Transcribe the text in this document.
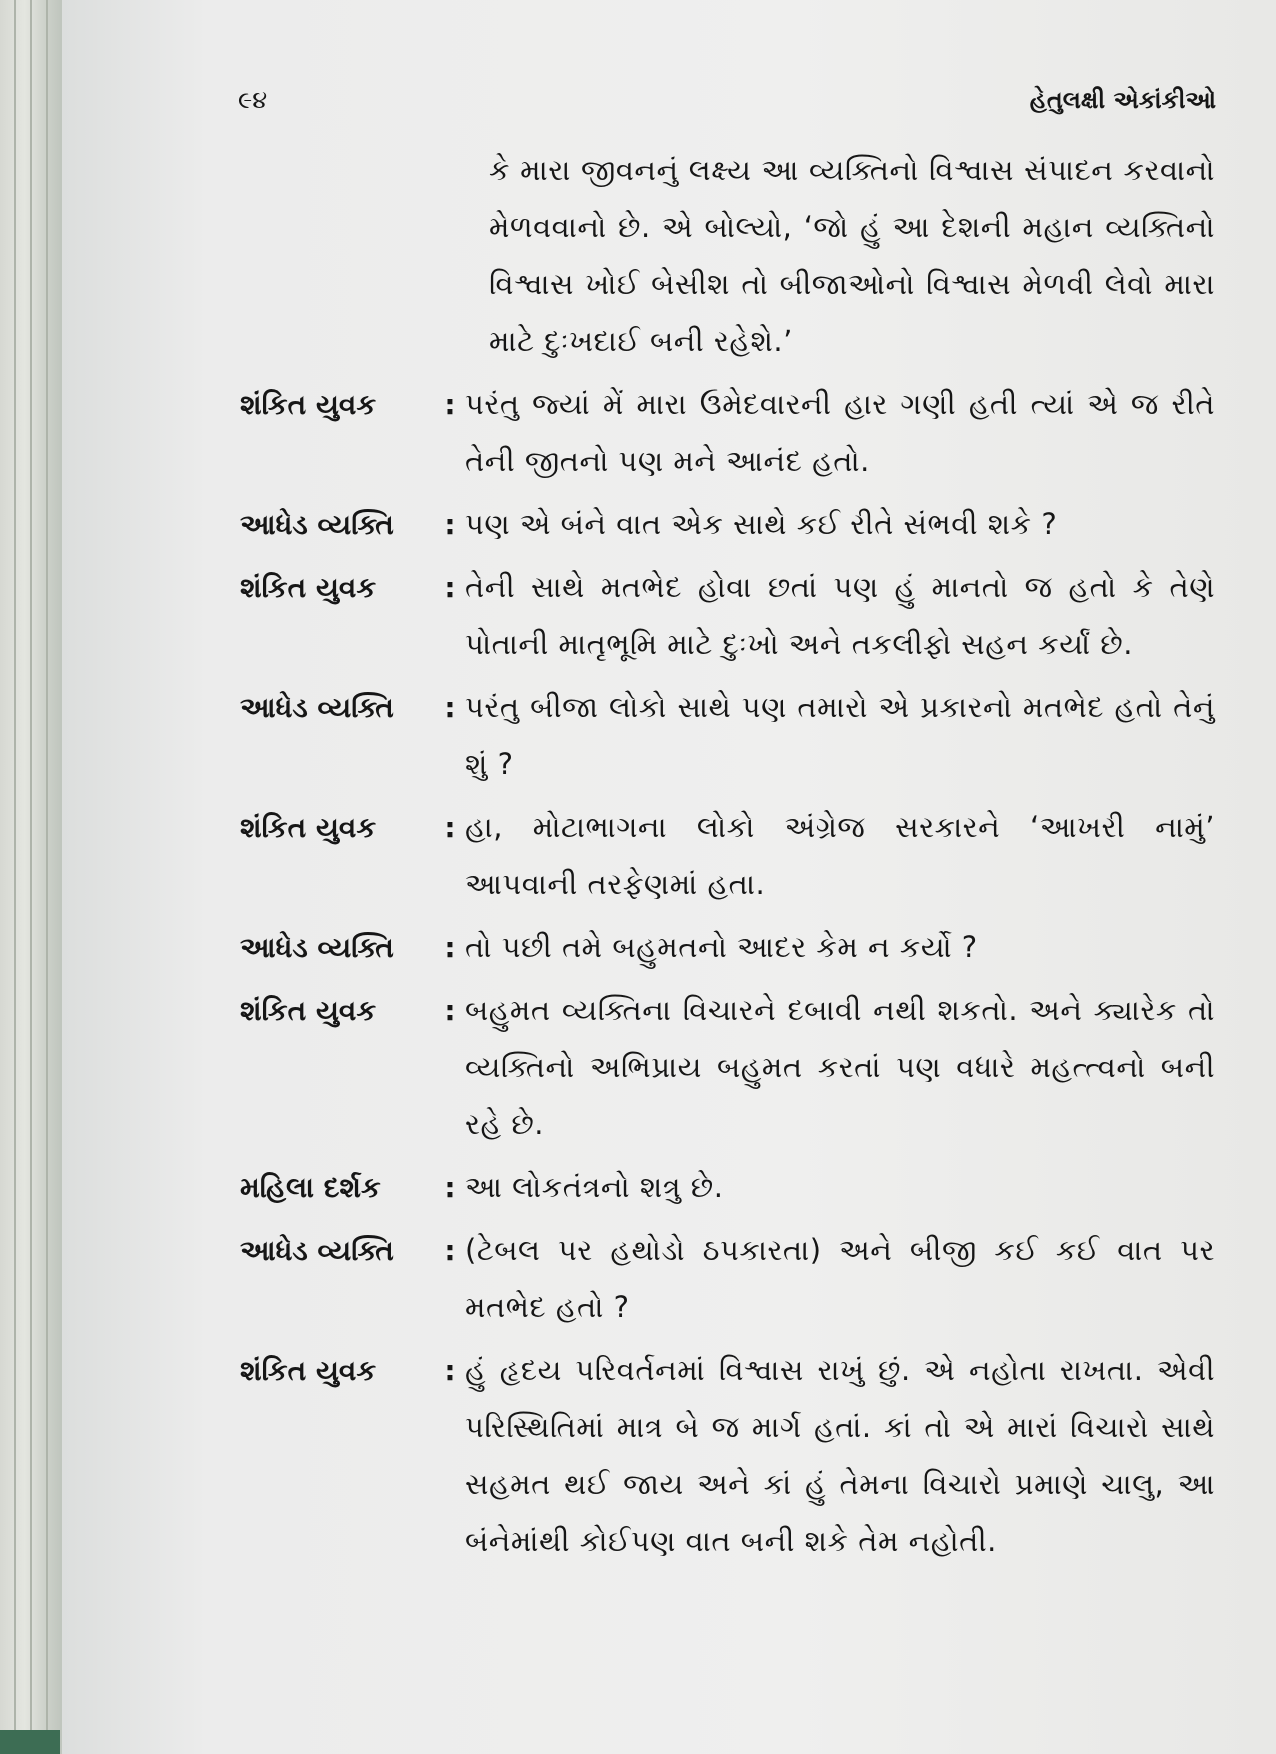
૯૪	હેતુલક્ષી એકાંકીઓ
કે મારા જીવનનું લક્ષ્ય આ વ્યક્તિનો વિશ્વાસ સંપાદન કરવાનો મેળવવાનો છે. એ બોલ્યો, ‘જો હું આ દેશની મહાન વ્યક્તિનો વિશ્વાસ ખોઈ બેસીશ તો બીજાઓનો વિશ્વાસ મેળવી લેવો મારા માટે દુઃખદાઈ બની રહેશે.’
શંકિત યુવક	: પરંતુ જ્યાં મેં મારા ઉમેદવારની હાર ગણી હતી ત્યાં એ જ રીતે તેની જીતનો પણ મને આનંદ હતો.
આધેડ વ્યક્તિ	: પણ એ બંને વાત એક સાથે કઈ રીતે સંભવી શકે ?
શંકિત યુવક	: તેની સાથે મતભેદ હોવા છતાં પણ હું માનતો જ હતો કે તેણે પોતાની માતૃભૂમિ માટે દુઃખો અને તકલીફો સહન કર્યાં છે.
આધેડ વ્યક્તિ	: પરંતુ બીજા લોકો સાથે પણ તમારો એ પ્રકારનો મતભેદ હતો તેનું શું ?
શંકિત યુવક	: હા, મોટાભાગના લોકો અંગ્રેજ સરકારને ‘આખરી નામું’ આપવાની તરફેણમાં હતા.
આધેડ વ્યક્તિ	: તો પછી તમે બહુમતનો આદર કેમ ન કર્યો ?
શંકિત યુવક	: બહુમત વ્યક્તિના વિચારને દબાવી નથી શકતો. અને ક્યારેક તો વ્યક્તિનો અભિપ્રાય બહુમત કરતાં પણ વધારે મહત્ત્વનો બની રહે છે.
મહિલા દર્શક	: આ લોકતંત્રનો શત્રુ છે.
આધેડ વ્યક્તિ	: (ટેબલ પર હથોડો ઠપકારતા) અને બીજી કઈ કઈ વાત પર મતભેદ હતો ?
શંકિત યુવક	: હું હૃદય પરિવર્તનમાં વિશ્વાસ રાખું છું. એ નહોતા રાખતા. એવી પરિસ્થિતિમાં માત્ર બે જ માર્ગ હતાં. કાં તો એ મારાં વિચારો સાથે સહમત થઈ જાય અને કાં હું તેમના વિચારો પ્રમાણે ચાલુ, આ બંનેમાંથી કોઈપણ વાત બની શકે તેમ નહોતી.
